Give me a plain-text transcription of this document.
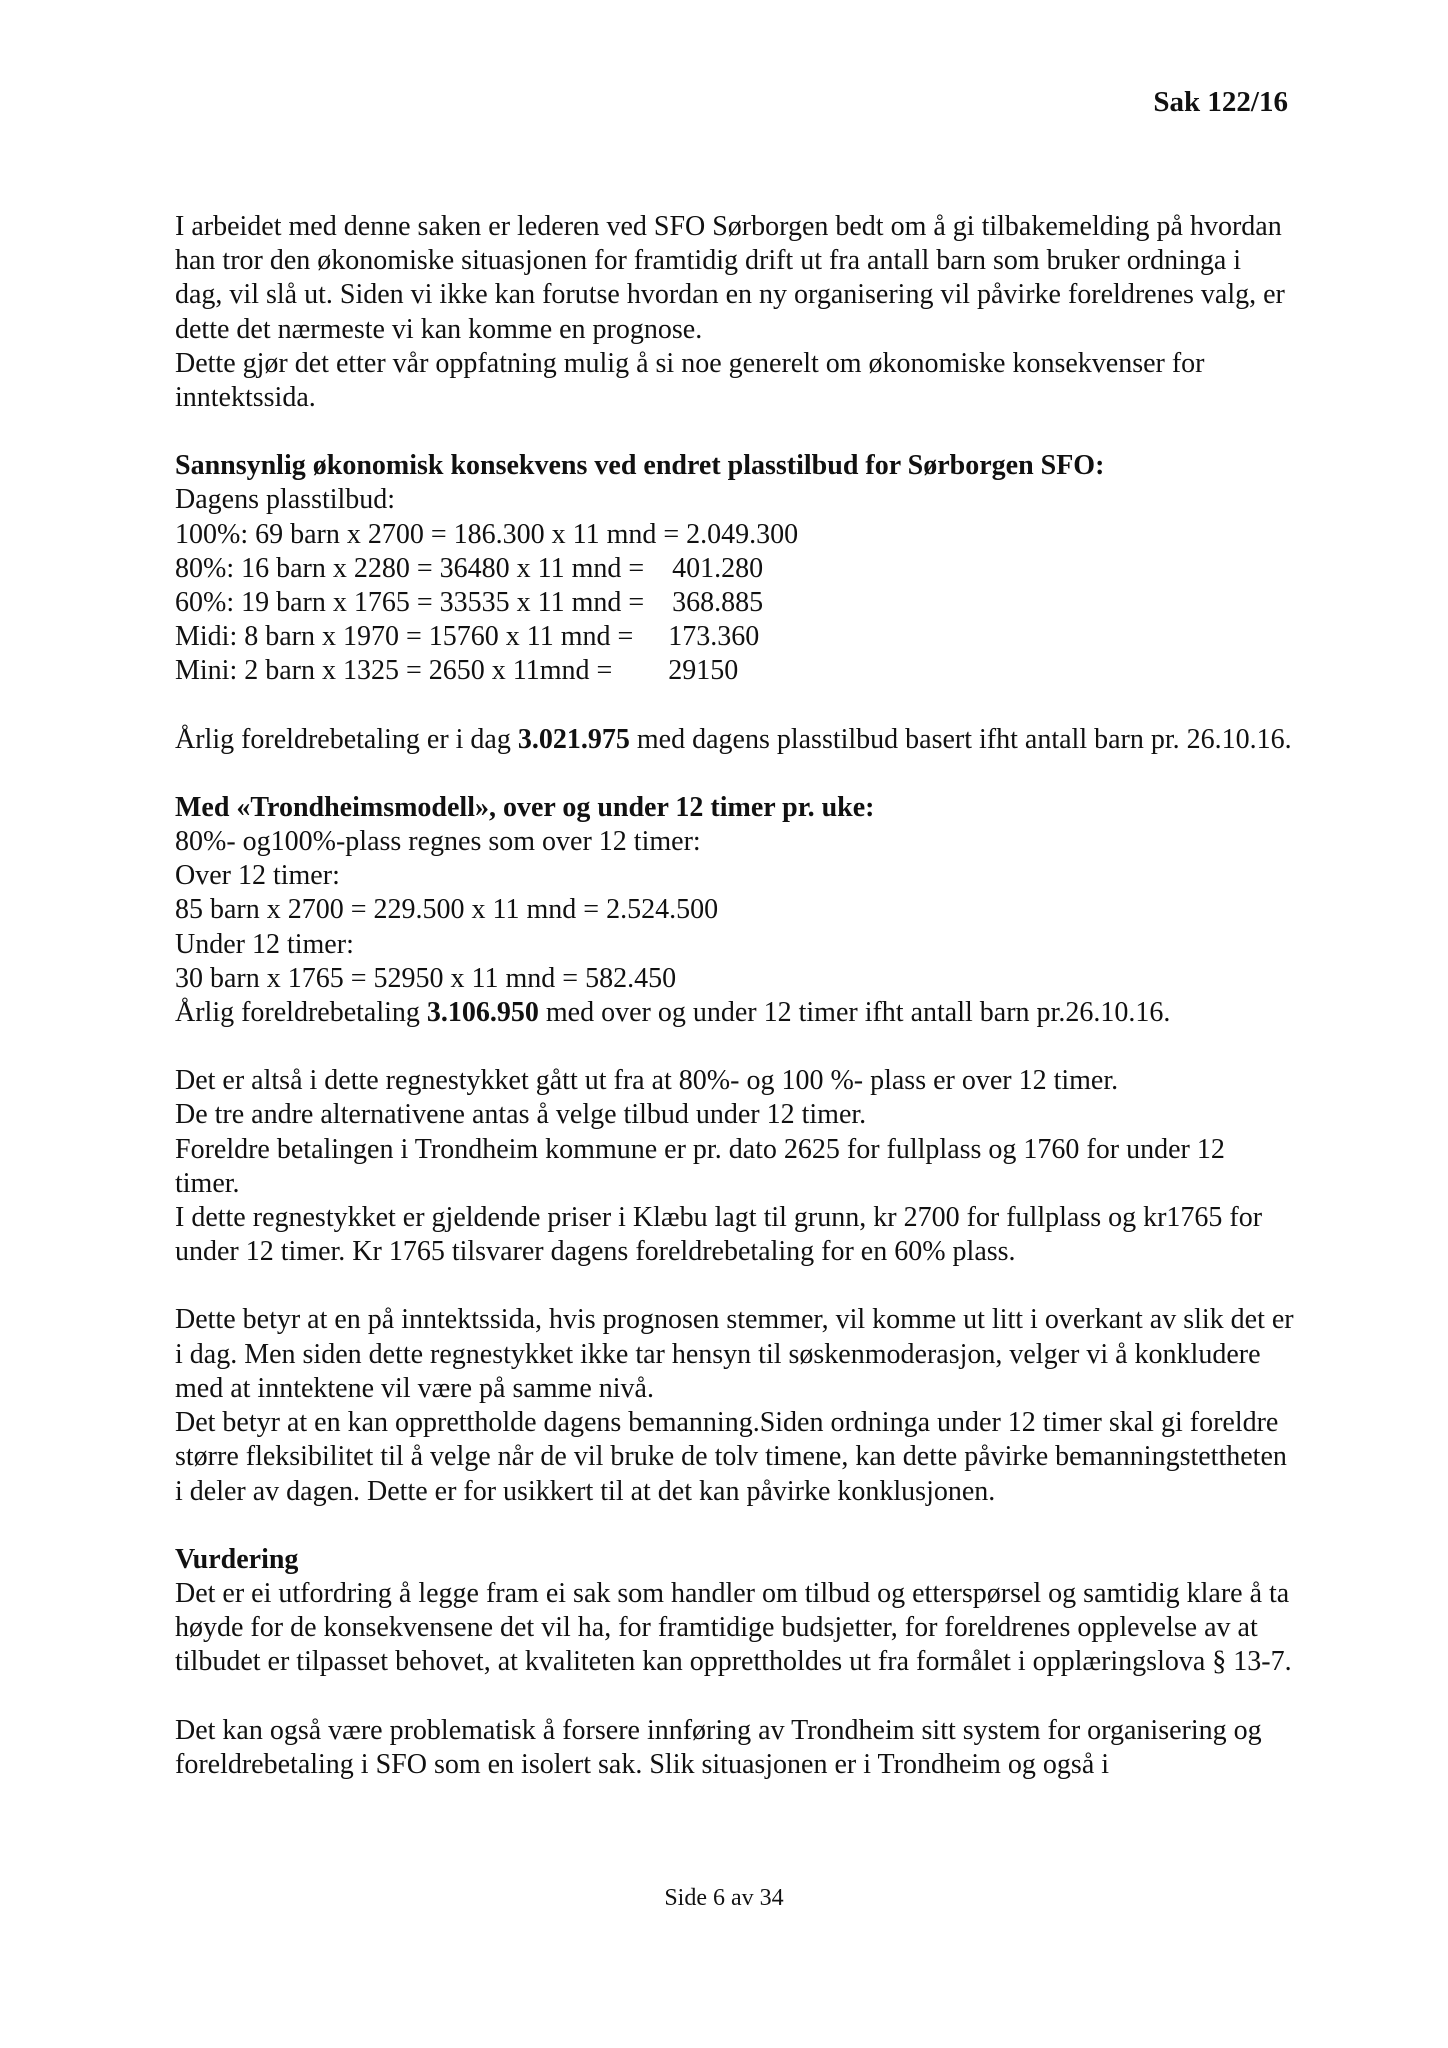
Sak 122/16

I arbeidet med denne saken er lederen ved SFO Sørborgen bedt om å gi tilbakemelding på hvordan han tror den økonomiske situasjonen for framtidig drift ut fra antall barn som bruker ordninga i dag, vil slå ut. Siden vi ikke kan forutse hvordan en ny organisering vil påvirke foreldrenes valg, er dette det nærmeste vi kan komme en prognose.

Dette gjør det etter vår oppfatning mulig å si noe generelt om økonomiske konsekvenser for inntektssida.

Sannsynlig økonomisk konsekvens ved endret plasstilbud for Sørborgen SFO:

Dagens plasstilbud:

100%: 69 barn x 2700 = 186.300 x 11 mnd = 2.049.300

80%: 16 barn x 2280 = 36480 x 11 mnd =    401.280

60%: 19 barn x 1765 = 33535 x 11 mnd =    368.885

Midi: 8 barn x 1970 = 15760 x 11 mnd =     173.360

Mini: 2 barn x 1325 = 2650 x 11mnd =        29150

Årlig foreldrebetaling er i dag 3.021.975 med dagens plasstilbud basert ifht antall barn pr. 26.10.16.

Med «Trondheimsmodell», over og under 12 timer pr. uke:

80%- og100%-plass regnes som over 12 timer:

Over 12 timer:

85 barn x 2700 = 229.500 x 11 mnd = 2.524.500

Under 12 timer:

30 barn x 1765 = 52950 x 11 mnd = 582.450

Årlig foreldrebetaling 3.106.950 med over og under 12 timer ifht antall barn pr.26.10.16.

Det er altså i dette regnestykket gått ut fra at 80%- og 100 %- plass er over 12 timer.

De tre andre alternativene antas å velge tilbud under 12 timer.

Foreldre betalingen i Trondheim kommune er pr. dato 2625 for fullplass og 1760 for under 12 timer.

I dette regnestykket er gjeldende priser i Klæbu lagt til grunn, kr 2700 for fullplass og kr1765 for under 12 timer. Kr 1765 tilsvarer dagens foreldrebetaling for en 60% plass.

Dette betyr at en på inntektssida, hvis prognosen stemmer, vil komme ut litt i overkant av slik det er i dag. Men siden dette regnestykket ikke tar hensyn til søskenmoderasjon, velger vi å konkludere med at inntektene vil være på samme nivå.

Det betyr at en kan opprettholde dagens bemanning.Siden ordninga under 12 timer skal gi foreldre større fleksibilitet til å velge når de vil bruke de tolv timene, kan dette påvirke bemanningstettheten i deler av dagen. Dette er for usikkert til at det kan påvirke konklusjonen.

Vurdering

Det er ei utfordring å legge fram ei sak som handler om tilbud og etterspørsel og samtidig klare å ta høyde for de konsekvensene det vil ha, for framtidige budsjetter, for foreldrenes opplevelse av at tilbudet er tilpasset behovet, at kvaliteten kan opprettholdes ut fra formålet i opplæringslova § 13-7.

Det kan også være problematisk å forsere innføring av Trondheim sitt system for organisering og foreldrebetaling i SFO som en isolert sak. Slik situasjonen er i Trondheim og også i

Side 6 av 34
